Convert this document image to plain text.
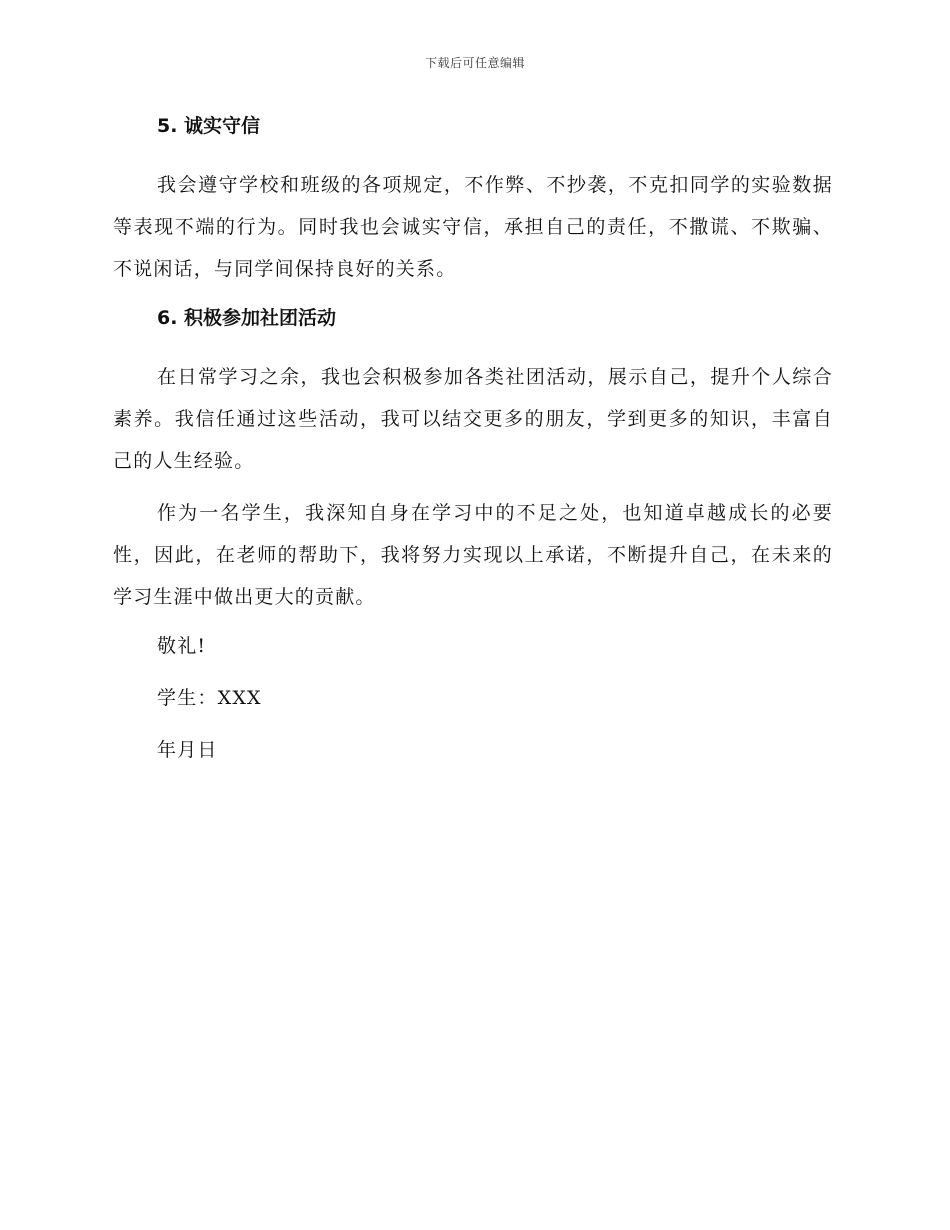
下载后可任意编辑
5. 诚实守信

我会遵守学校和班级的各项规定，不作弊、不抄袭，不克扣同学的实验数据等表现不端的行为。同时我也会诚实守信，承担自己的责任，不撒谎、不欺骗、不说闲话，与同学间保持良好的关系。

6. 积极参加社团活动

在日常学习之余，我也会积极参加各类社团活动，展示自己，提升个人综合素养。我信任通过这些活动，我可以结交更多的朋友，学到更多的知识，丰富自己的人生经验。

作为一名学生，我深知自身在学习中的不足之处，也知道卓越成长的必要性，因此，在老师的帮助下，我将努力实现以上承诺，不断提升自己，在未来的学习生涯中做出更大的贡献。

敬礼!
学生：XXX
年月日
